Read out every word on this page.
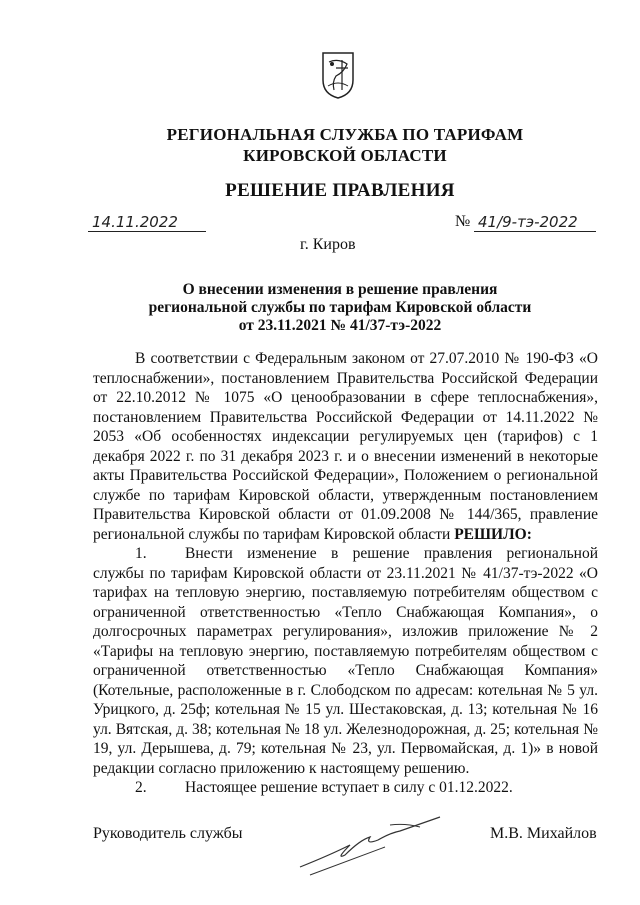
РЕГИОНАЛЬНАЯ СЛУЖБА ПО ТАРИФАМ
КИРОВСКОЙ ОБЛАСТИ
РЕШЕНИЕ ПРАВЛЕНИЯ
14.11.2022	№ 41/9-тэ-2022
г. Киров
О внесении изменения в решение правления
региональной службы по тарифам Кировской области
от 23.11.2021 № 41/37-тэ-2022

В соответствии с Федеральным законом от 27.07.2010 № 190-ФЗ «О теплоснабжении», постановлением Правительства Российской Федерации от 22.10.2012 № 1075 «О ценообразовании в сфере теплоснабжения», постановлением Правительства Российской Федерации от 14.11.2022 № 2053 «Об особенностях индексации регулируемых цен (тарифов) с 1 декабря 2022 г. по 31 декабря 2023 г. и о внесении изменений в некоторые акты Правительства Российской Федерации», Положением о региональной службе по тарифам Кировской области, утвержденным постановлением Правительства Кировской области от 01.09.2008 № 144/365, правление региональной службы по тарифам Кировской области РЕШИЛО:

1. Внести изменение в решение правления региональной службы по тарифам Кировской области от 23.11.2021 № 41/37-тэ-2022 «О тарифах на тепловую энергию, поставляемую потребителям обществом с ограниченной ответственностью «Тепло Снабжающая Компания», о долгосрочных параметрах регулирования», изложив приложение № 2 «Тарифы на тепловую энергию, поставляемую потребителям обществом с ограниченной ответственностью «Тепло Снабжающая Компания» (Котельные, расположенные в г. Слободском по адресам: котельная № 5 ул. Урицкого, д. 25ф; котельная № 15 ул. Шестаковская, д. 13; котельная № 16 ул. Вятская, д. 38; котельная № 18 ул. Железнодорожная, д. 25; котельная № 19, ул. Дерышева, д. 79; котельная № 23, ул. Первомайская, д. 1)» в новой редакции согласно приложению к настоящему решению.

2. Настоящее решение вступает в силу с 01.12.2022.

Руководитель службы	М.В. Михайлов
